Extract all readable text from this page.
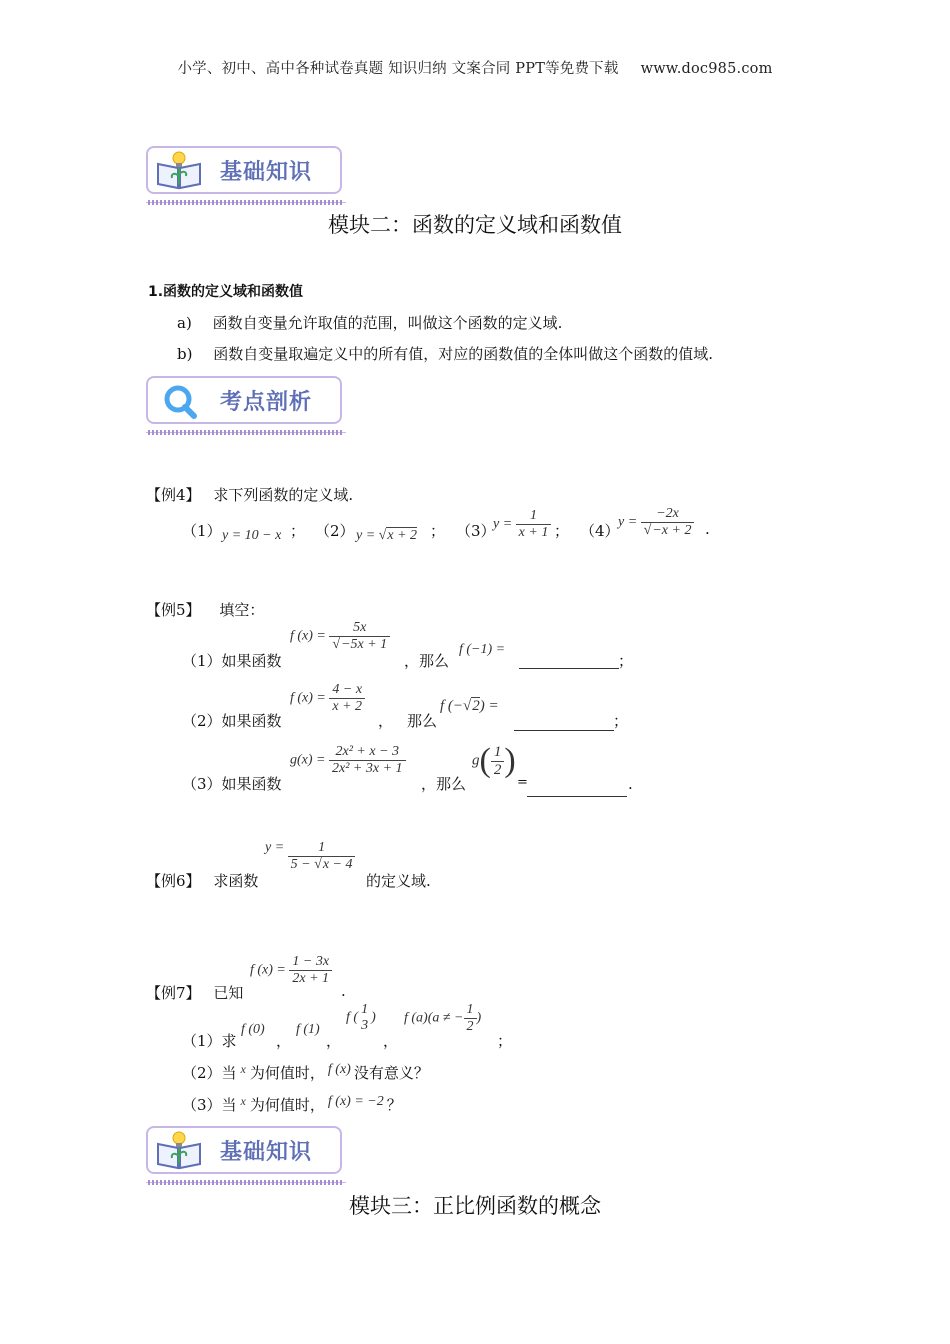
小学、初中、高中各种试卷真题 知识归纳 文案合同 PPT等免费下载 www.doc985.com
基础知识
模块二：函数的定义域和函数值
1.函数的定义域和函数值
a) 函数自变量允许取值的范围，叫做这个函数的定义域.
b) 函数自变量取遍定义中的所有值，对应的函数值的全体叫做这个函数的值域.
考点剖析
【例4】 求下列函数的定义域.
（1） y = 10 − x ； （2） y = √x + 2 ； （3）
$y = \frac{1}{x + 1}$ ； （4）
$y = \frac{-2x}{√-x + 2}$ .
【例5】 填空：
（1）如果函数
f $(x) = \frac{5x}{√-5x + 1}$
，那么
f (−1) =
；
（2）如果函数
f $(x) = \frac{4 - x}{x + 2}$
， 那么
f (−√2) =
；
（3）如果函数
$g(x) = \frac{\text{2x² + x − 3}}{\text{2x² + 3x + 1}}$
，那么
$g( \frac{1}{2}$ )
=	.
【例6】 求函数
$y = \frac{1}{5 - √x - 4}$
的定义域.
【例7】 已知
f $(x) = \frac{1 - 3x}{2x + 1}$
.
（1）求
f (0)
，
f (1)
，
f (
1
3
)
，
f (a)(a ≠ − $\frac{1}{2}$ )
；
（2）当 $^x$ 为何值时， f (x) 没有意义？
（3）当 $^x$ 为何值时， f (x) = −2 ？
基础知识
模块三：正比例函数的概念
